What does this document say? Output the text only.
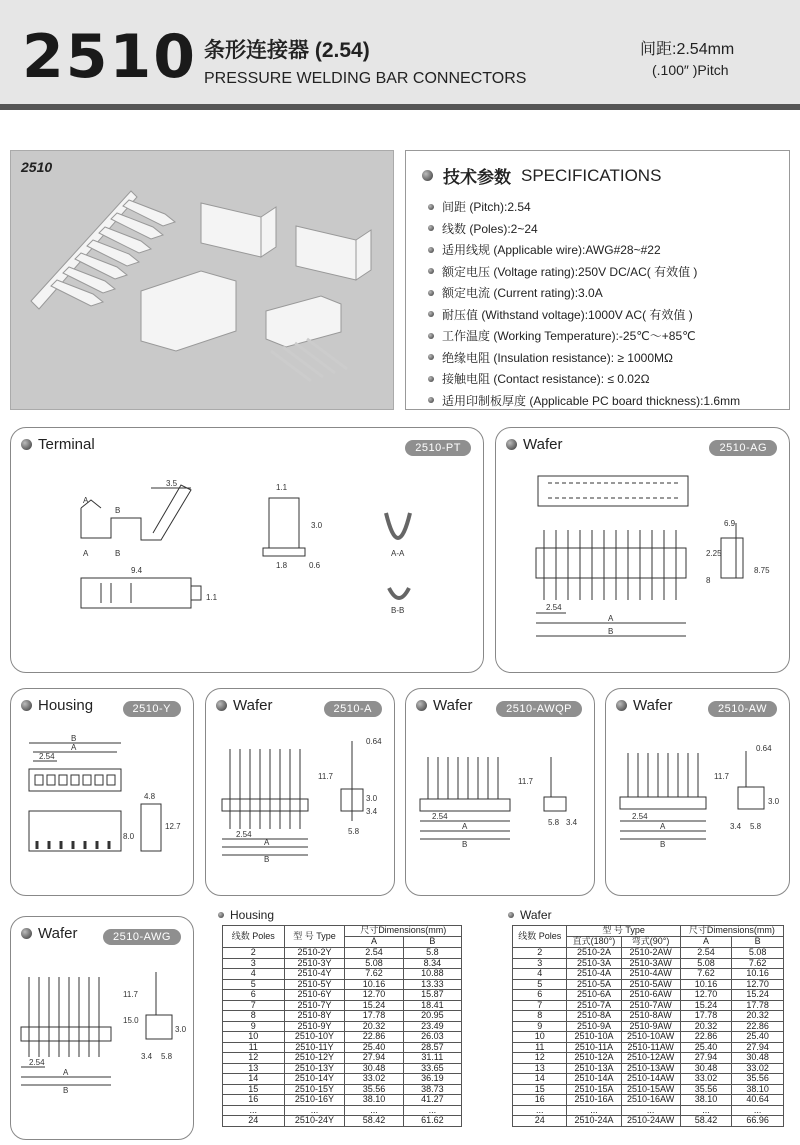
2510 条形连接器 (2.54)
PRESSURE WELDING BAR CONNECTORS
间距:2.54mm
(.100″ )Pitch
2510
技术参数 SPECIFICATIONS
间距 (Pitch):2.54
线数 (Poles):2~24
适用线规 (Applicable wire):AWG#28~#22
额定电压 (Voltage rating):250V DC/AC( 有效值 )
额定电流 (Current rating):3.0A
耐压值 (Withstand voltage):1000V AC( 有效值 )
工作温度 (Working Temperature):-25℃～+85℃
绝缘电阻 (Insulation resistance): ≥ 1000MΩ
接触电阻 (Contact resistance): ≤ 0.02Ω
适用印制板厚度 (Applicable PC board thickness):1.6mm
Terminal	2510-PT
3.5
A
B
A	B
1.1
3.0
1.8	0.6
9.4
1.1
A-A
B-B
Wafer	2510-AG
2.54
A
B
6.9
2.25
8
8.75
Housing	2510-Y
B
A
2.54
4.8
12.7
8.0
Wafer	2510-A
2.54
A
B
0.64
11.7
3.4
3.0
5.8
Wafer	2510-AWQP
2.54
A
B
11.7
5.8 3.4
Wafer	2510-AW
2.54
A
B
0.64
11.7
3.0
3.4 5.8
Wafer	2510-AWG
2.54
A
B
11.7
15.0
3.0
3.4 5.8
Housing
线数 Poles	型 号 Type	尺寸Dimensions(mm)	
		A	B
2	2510-2Y	2.54	5.8
3	2510-3Y	5.08	8.34
4	2510-4Y	7.62	10.88
5	2510-5Y	10.16	13.33
6	2510-6Y	12.70	15.87
7	2510-7Y	15.24	18.41
8	2510-8Y	17.78	20.95
9	2510-9Y	20.32	23.49
10	2510-10Y	22.86	26.03
11	2510-11Y	25.40	28.57
12	2510-12Y	27.94	31.11
13	2510-13Y	30.48	33.65
14	2510-14Y	33.02	36.19
15	2510-15Y	35.56	38.73
16	2510-16Y	38.10	41.27
...	...	...	...
24	2510-24Y	58.42	61.62
Wafer
线数 Poles	型 号 Type		尺寸Dimensions(mm)	
	直式(180°)	弯式(90°)	A	B
2	2510-2A	2510-2AW	2.54	5.08
3	2510-3A	2510-3AW	5.08	7.62
4	2510-4A	2510-4AW	7.62	10.16
5	2510-5A	2510-5AW	10.16	12.70
6	2510-6A	2510-6AW	12.70	15.24
7	2510-7A	2510-7AW	15.24	17.78
8	2510-8A	2510-8AW	17.78	20.32
9	2510-9A	2510-9AW	20.32	22.86
10	2510-10A	2510-10AW	22.86	25.40
11	2510-11A	2510-11AW	25.40	27.94
12	2510-12A	2510-12AW	27.94	30.48
13	2510-13A	2510-13AW	30.48	33.02
14	2510-14A	2510-14AW	33.02	35.56
15	2510-15A	2510-15AW	35.56	38.10
16	2510-16A	2510-16AW	38.10	40.64
...	...	...	...	...
24	2510-24A	2510-24AW	58.42	66.96
